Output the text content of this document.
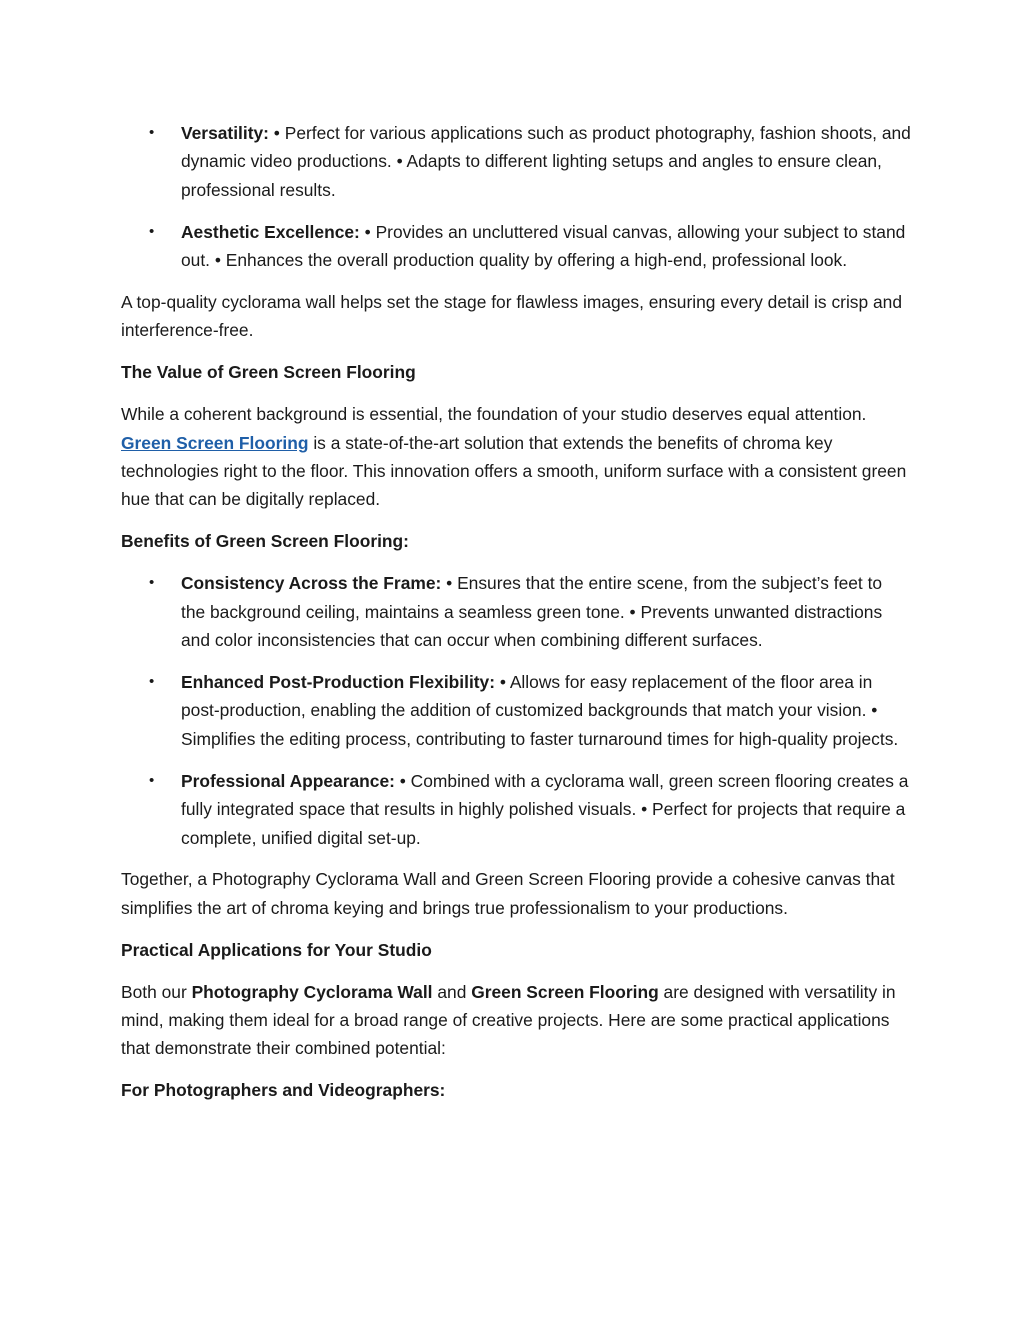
• Versatility: • Perfect for various applications such as product photography, fashion shoots, and dynamic video productions. • Adapts to different lighting setups and angles to ensure clean, professional results.
• Aesthetic Excellence: • Provides an uncluttered visual canvas, allowing your subject to stand out. • Enhances the overall production quality by offering a high-end, professional look.

A top-quality cyclorama wall helps set the stage for flawless images, ensuring every detail is crisp and interference-free.

The Value of Green Screen Flooring

While a coherent background is essential, the foundation of your studio deserves equal attention. Green Screen Flooring is a state-of-the-art solution that extends the benefits of chroma key technologies right to the floor. This innovation offers a smooth, uniform surface with a consistent green hue that can be digitally replaced.

Benefits of Green Screen Flooring:

• Consistency Across the Frame: • Ensures that the entire scene, from the subject’s feet to the background ceiling, maintains a seamless green tone. • Prevents unwanted distractions and color inconsistencies that can occur when combining different surfaces.
• Enhanced Post-Production Flexibility: • Allows for easy replacement of the floor area in post-production, enabling the addition of customized backgrounds that match your vision. • Simplifies the editing process, contributing to faster turnaround times for high-quality projects.
• Professional Appearance: • Combined with a cyclorama wall, green screen flooring creates a fully integrated space that results in highly polished visuals. • Perfect for projects that require a complete, unified digital set-up.

Together, a Photography Cyclorama Wall and Green Screen Flooring provide a cohesive canvas that simplifies the art of chroma keying and brings true professionalism to your productions.

Practical Applications for Your Studio

Both our Photography Cyclorama Wall and Green Screen Flooring are designed with versatility in mind, making them ideal for a broad range of creative projects. Here are some practical applications that demonstrate their combined potential:

For Photographers and Videographers:
